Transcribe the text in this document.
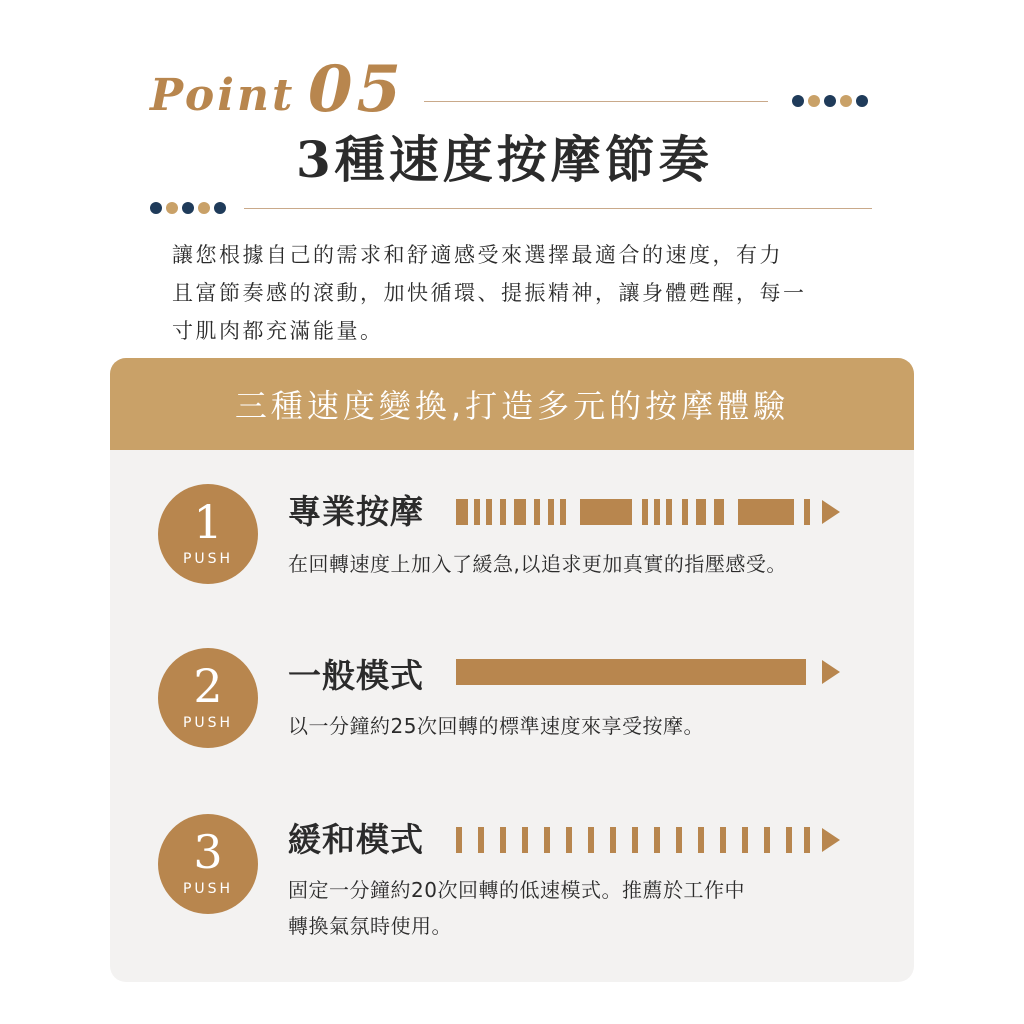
Point 05
3種速度按摩節奏
讓您根據自己的需求和舒適感受來選擇最適合的速度，有力
且富節奏感的滾動，加快循環、提振精神，讓身體甦醒，每一
寸肌肉都充滿能量。
三種速度變換,打造多元的按摩體驗
1
PUSH
專業按摩
在回轉速度上加入了緩急,以追求更加真實的指壓感受。
2
PUSH
一般模式
以一分鐘約25次回轉的標準速度來享受按摩。
3
PUSH
緩和模式
固定一分鐘約20次回轉的低速模式。推薦於工作中
轉換氣氛時使用。
